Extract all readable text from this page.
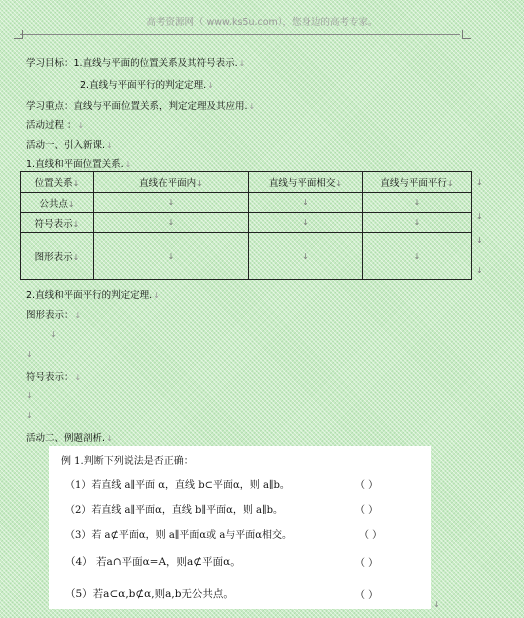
高考资源网（ www.ks5u.com），您身边的高考专家。
学习目标：1.直线与平面的位置关系及其符号表示.↓
2.直线与平面平行的判定定理.↓
学习重点：直线与平面位置关系，判定定理及其应用.↓
活动过程 ：↓
活动一、引入新课.↓
1.直线和平面位置关系.↓
位置关系↓	直线在平面内↓	直线与平面相交↓	直线与平面平行↓
公共点↓	↓	↓	↓
符号表示↓	↓	↓	↓
图形表示↓	↓	↓	↓
↓
↓
↓
↓
2.直线和平面平行的判定定理.↓
图形表示：↓
↓
↓
符号表示：↓
↓
↓
活动二、例题剖析.↓
例 1.判断下列说法是否正确：
（1）若直线 a∥平面 α，直线 b⊂平面α，则 a∥b。	（ ）
（2）若直线 a∥平面α，直线 b∥平面α，则 a∥b。	（ ）
（3）若 a⊄平面α，则 a∥平面α或 a与平面α相交。	（ ）
（4） 若a∩平面α=A，则a⊄平面α。	（ ）
（5）若a⊂α,b⊄α,则a,b无公共点。	（ ）
↓
